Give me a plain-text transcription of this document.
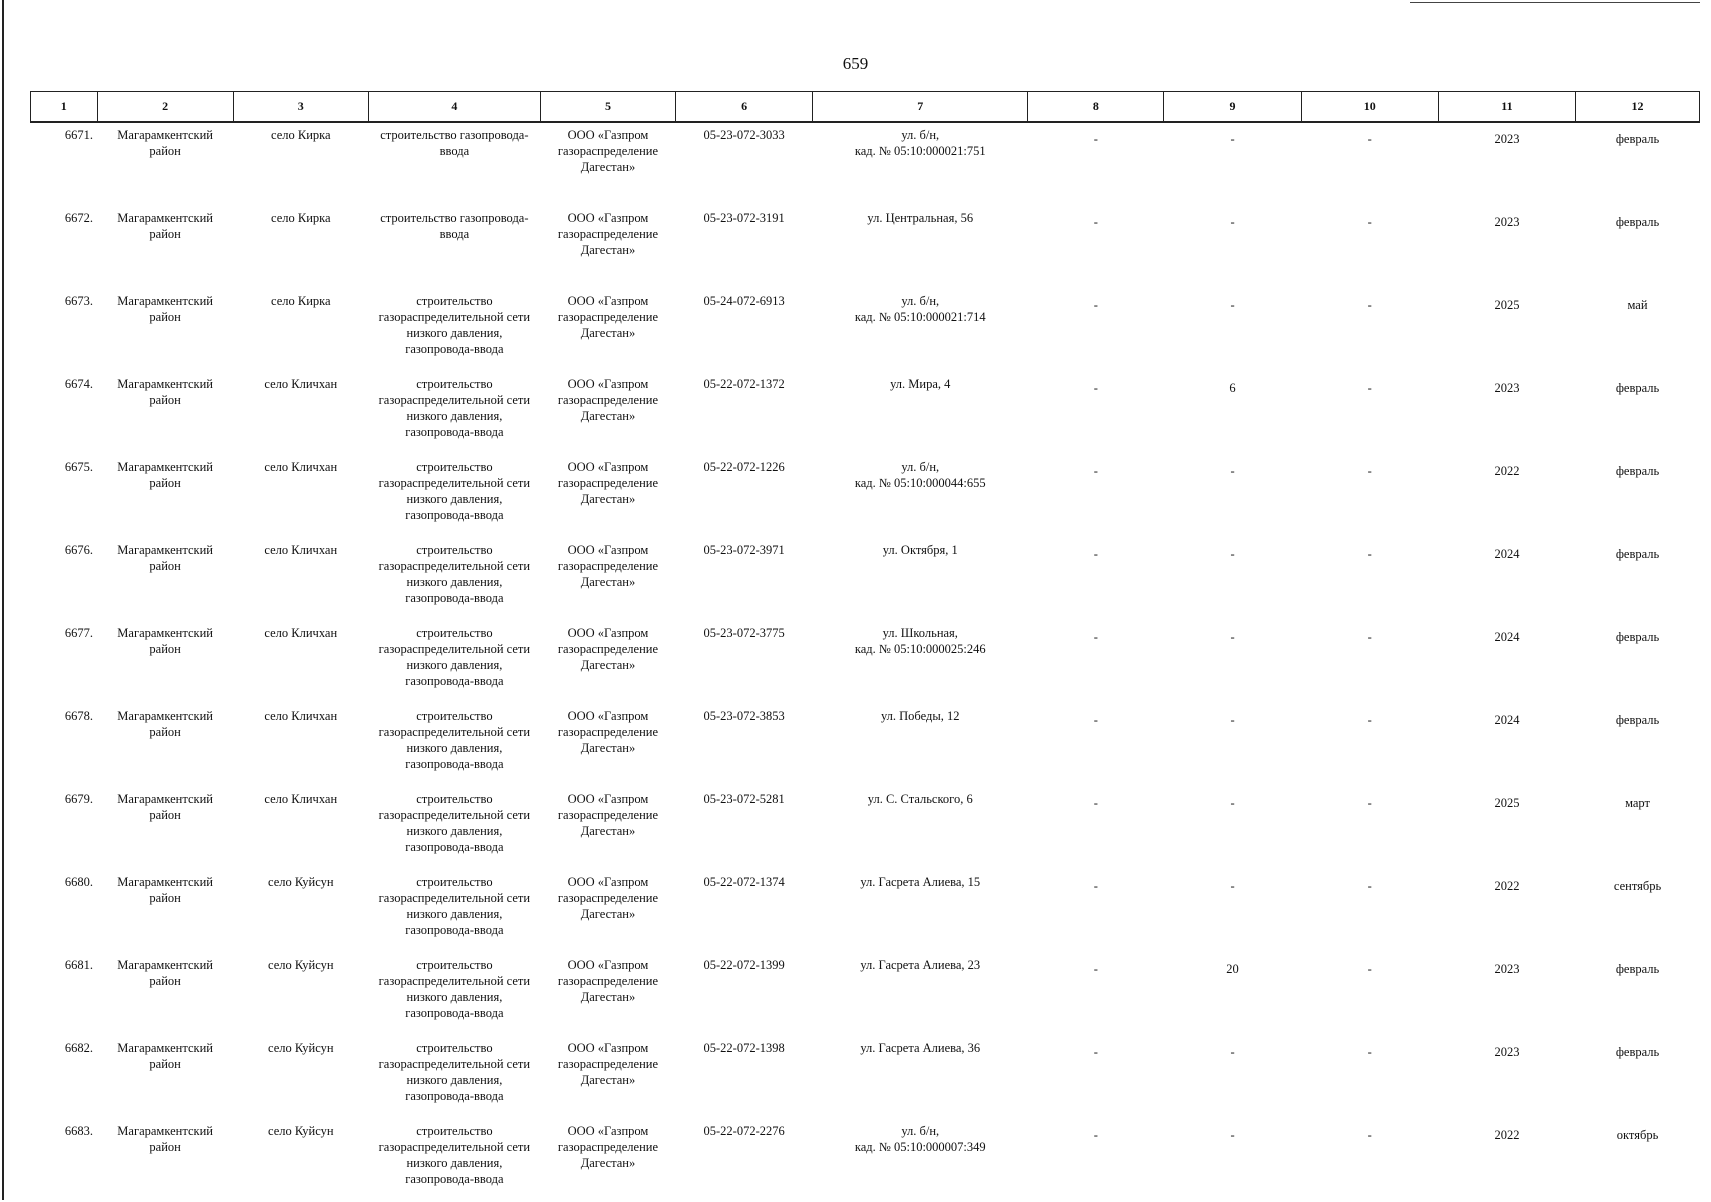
659
1	2	3	4	5	6	7	8	9	10	11	12
6671.	Магарамкентский
район	село Кирка	строительство газопровода-
ввода	ООО «Газпром
газораспределение
Дагестан»	05-23-072-3033	ул. б/н,
кад. № 05:10:000021:751	-	-	-	2023	февраль
6672.	Магарамкентский
район	село Кирка	строительство газопровода-
ввода	ООО «Газпром
газораспределение
Дагестан»	05-23-072-3191	ул. Центральная, 56	-	-	-	2023	февраль
6673.	Магарамкентский
район	село Кирка	строительство
газораспределительной сети
низкого давления,
газопровода-ввода	ООО «Газпром
газораспределение
Дагестан»	05-24-072-6913	ул. б/н,
кад. № 05:10:000021:714	-	-	-	2025	май
6674.	Магарамкентский
район	село Кличхан	строительство
газораспределительной сети
низкого давления,
газопровода-ввода	ООО «Газпром
газораспределение
Дагестан»	05-22-072-1372	ул. Мира, 4	-	6	-	2023	февраль
6675.	Магарамкентский
район	село Кличхан	строительство
газораспределительной сети
низкого давления,
газопровода-ввода	ООО «Газпром
газораспределение
Дагестан»	05-22-072-1226	ул. б/н,
кад. № 05:10:000044:655	-	-	-	2022	февраль
6676.	Магарамкентский
район	село Кличхан	строительство
газораспределительной сети
низкого давления,
газопровода-ввода	ООО «Газпром
газораспределение
Дагестан»	05-23-072-3971	ул. Октября, 1	-	-	-	2024	февраль
6677.	Магарамкентский
район	село Кличхан	строительство
газораспределительной сети
низкого давления,
газопровода-ввода	ООО «Газпром
газораспределение
Дагестан»	05-23-072-3775	ул. Школьная,
кад. № 05:10:000025:246	-	-	-	2024	февраль
6678.	Магарамкентский
район	село Кличхан	строительство
газораспределительной сети
низкого давления,
газопровода-ввода	ООО «Газпром
газораспределение
Дагестан»	05-23-072-3853	ул. Победы, 12	-	-	-	2024	февраль
6679.	Магарамкентский
район	село Кличхан	строительство
газораспределительной сети
низкого давления,
газопровода-ввода	ООО «Газпром
газораспределение
Дагестан»	05-23-072-5281	ул. С. Стальского, 6	-	-	-	2025	март
6680.	Магарамкентский
район	село Куйсун	строительство
газораспределительной сети
низкого давления,
газопровода-ввода	ООО «Газпром
газораспределение
Дагестан»	05-22-072-1374	ул. Гасрета Алиева, 15	-	-	-	2022	сентябрь
6681.	Магарамкентский
район	село Куйсун	строительство
газораспределительной сети
низкого давления,
газопровода-ввода	ООО «Газпром
газораспределение
Дагестан»	05-22-072-1399	ул. Гасрета Алиева, 23	-	20	-	2023	февраль
6682.	Магарамкентский
район	село Куйсун	строительство
газораспределительной сети
низкого давления,
газопровода-ввода	ООО «Газпром
газораспределение
Дагестан»	05-22-072-1398	ул. Гасрета Алиева, 36	-	-	-	2023	февраль
6683.	Магарамкентский
район	село Куйсун	строительство
газораспределительной сети
низкого давления,
газопровода-ввода	ООО «Газпром
газораспределение
Дагестан»	05-22-072-2276	ул. б/н,
кад. № 05:10:000007:349	-	-	-	2022	октябрь
